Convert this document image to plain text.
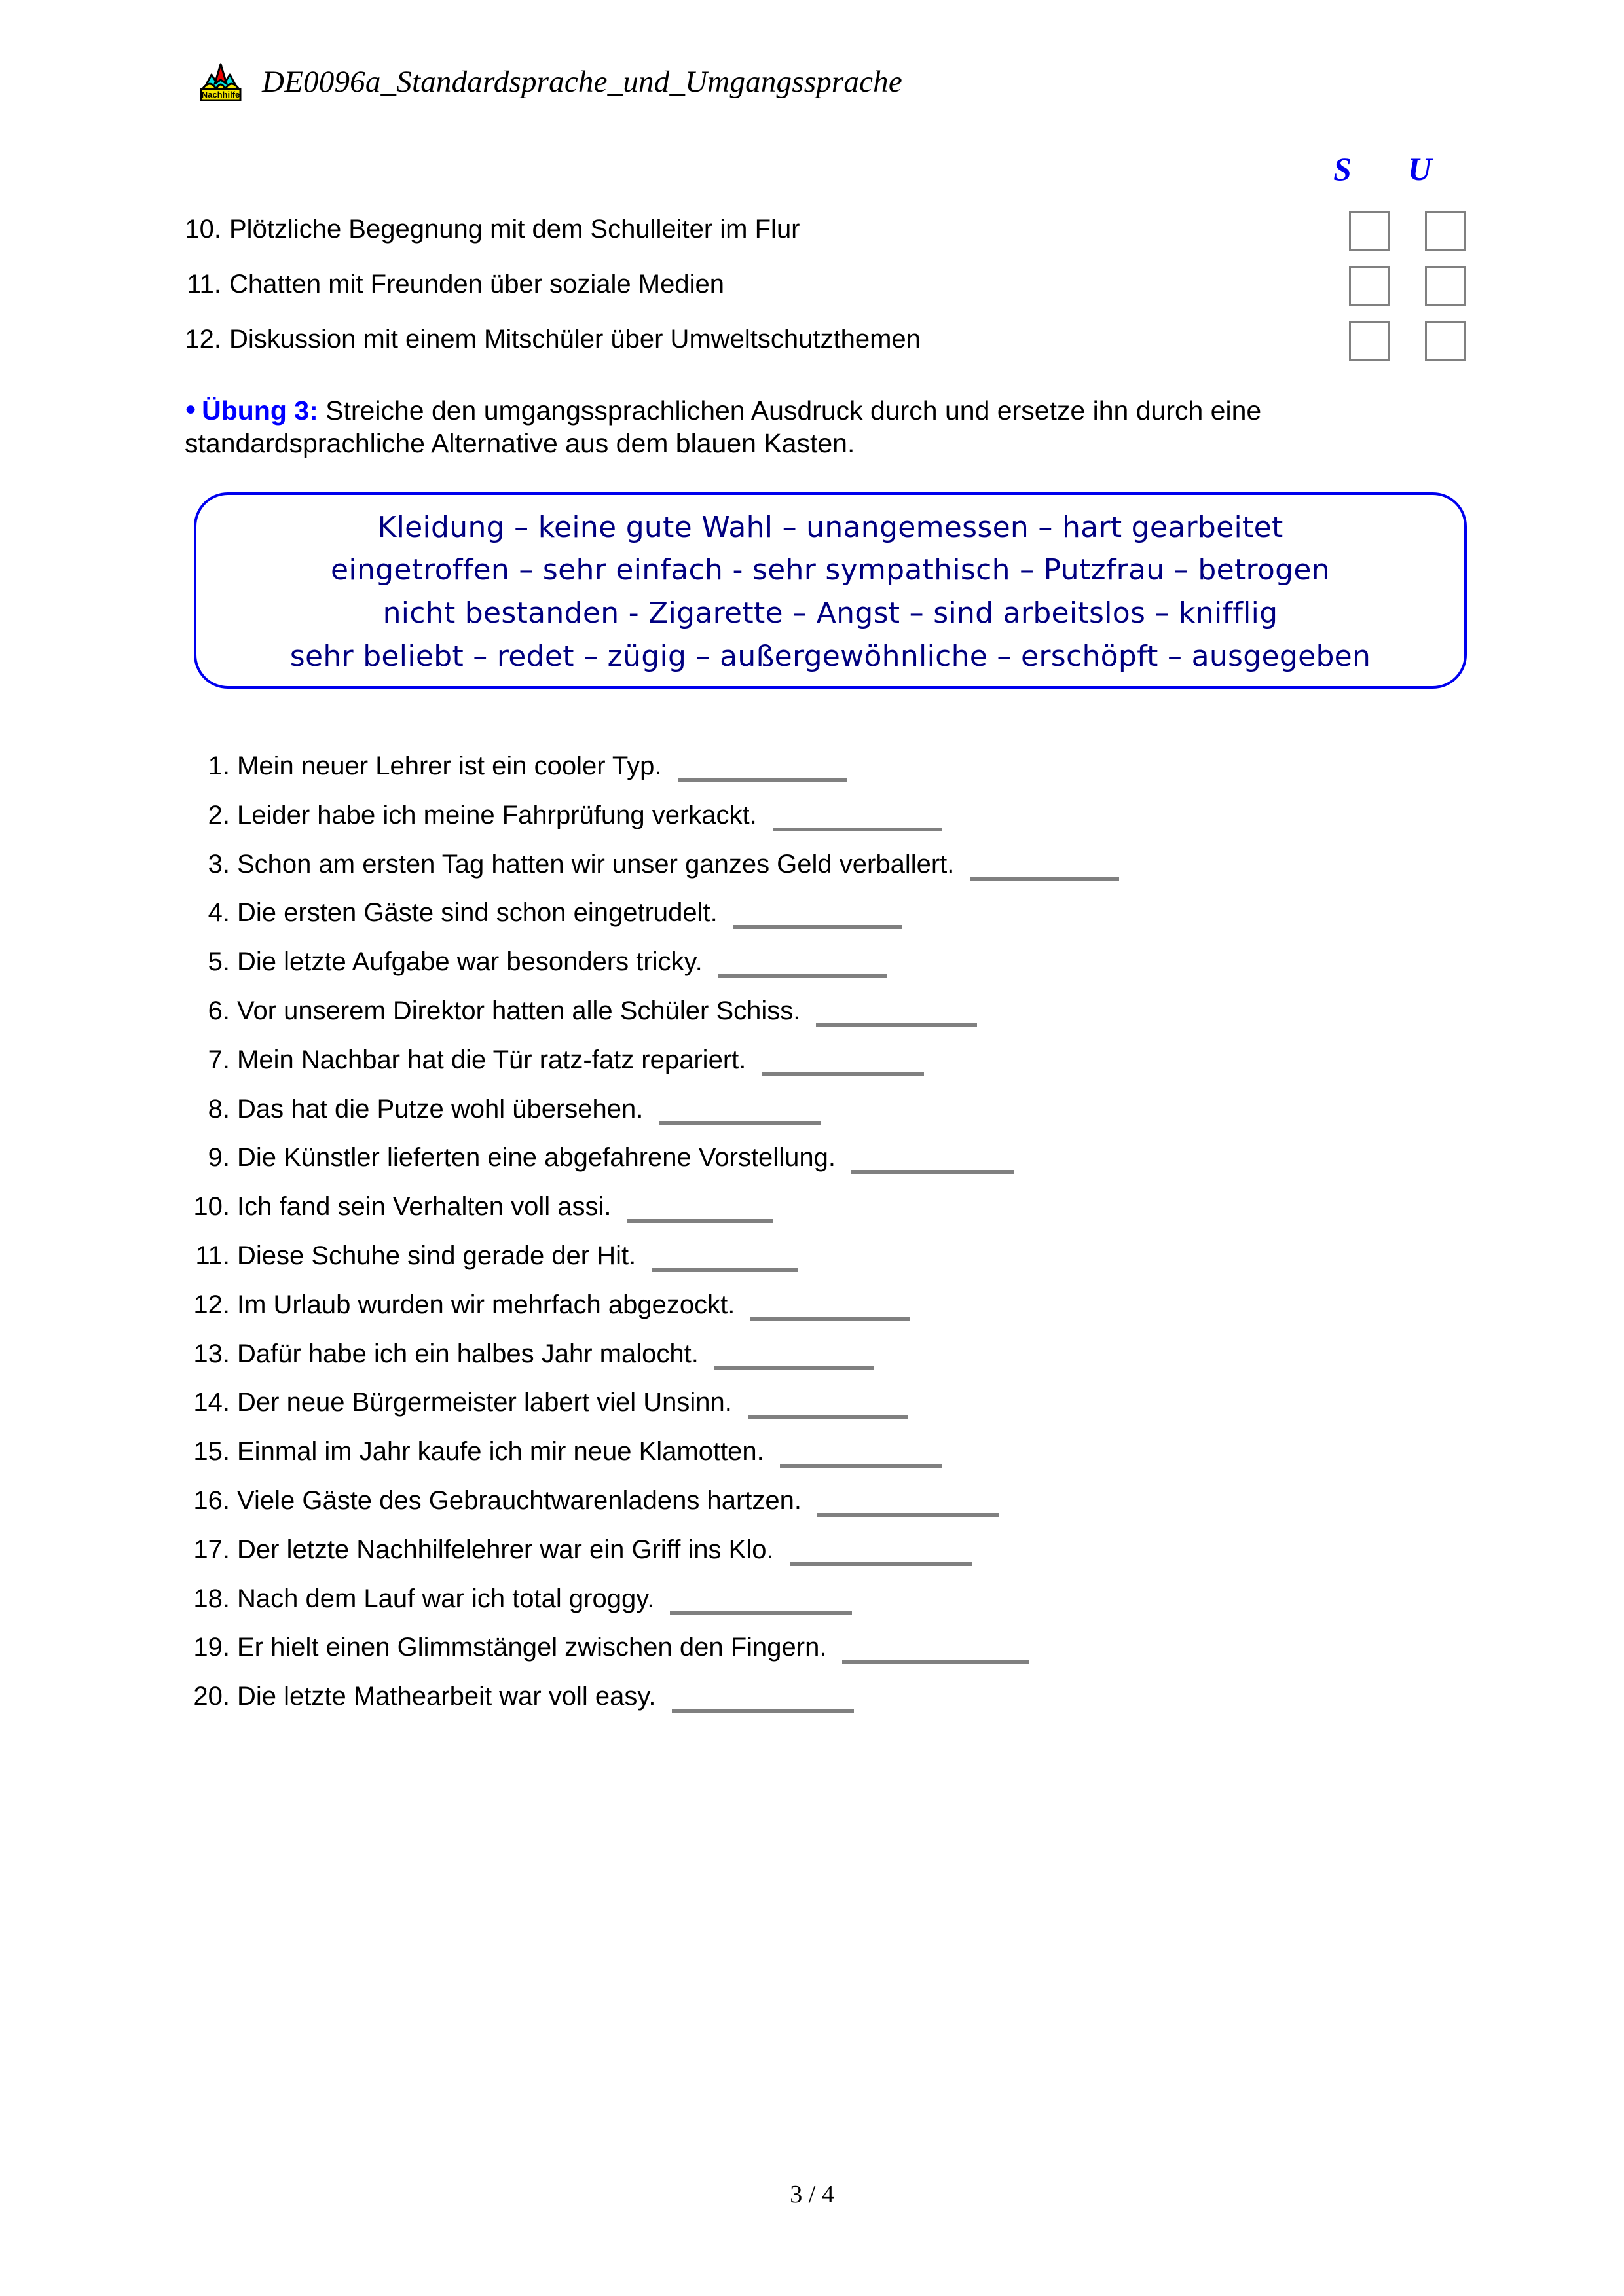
Nachhilfe DE0096a_Standardsprache_und_Umgangssprache
S	U
10. Plötzliche Begegnung mit dem Schulleiter im Flur
11. Chatten mit Freunden über soziale Medien
12. Diskussion mit einem Mitschüler über Umweltschutzthemen
● Übung 3: Streiche den umgangssprachlichen Ausdruck durch und ersetze ihn durch eine standardsprachliche Alternative aus dem blauen Kasten.
Kleidung – keine gute Wahl – unangemessen – hart gearbeitet
eingetroffen – sehr einfach - sehr sympathisch – Putzfrau – betrogen
nicht bestanden - Zigarette – Angst – sind arbeitslos – knifflig
sehr beliebt – redet – zügig – außergewöhnliche – erschöpft – ausgegeben
1. Mein neuer Lehrer ist ein cooler Typ.
2. Leider habe ich meine Fahrprüfung verkackt.
3. Schon am ersten Tag hatten wir unser ganzes Geld verballert.
4. Die ersten Gäste sind schon eingetrudelt.
5. Die letzte Aufgabe war besonders tricky.
6. Vor unserem Direktor hatten alle Schüler Schiss.
7. Mein Nachbar hat die Tür ratz-fatz repariert.
8. Das hat die Putze wohl übersehen.
9. Die Künstler lieferten eine abgefahrene Vorstellung.
10. Ich fand sein Verhalten voll assi.
11. Diese Schuhe sind gerade der Hit.
12. Im Urlaub wurden wir mehrfach abgezockt.
13. Dafür habe ich ein halbes Jahr malocht.
14. Der neue Bürgermeister labert viel Unsinn.
15. Einmal im Jahr kaufe ich mir neue Klamotten.
16. Viele Gäste des Gebrauchtwarenladens hartzen.
17. Der letzte Nachhilfelehrer war ein Griff ins Klo.
18. Nach dem Lauf war ich total groggy.
19. Er hielt einen Glimmstängel zwischen den Fingern.
20. Die letzte Mathearbeit war voll easy.
3 / 4
